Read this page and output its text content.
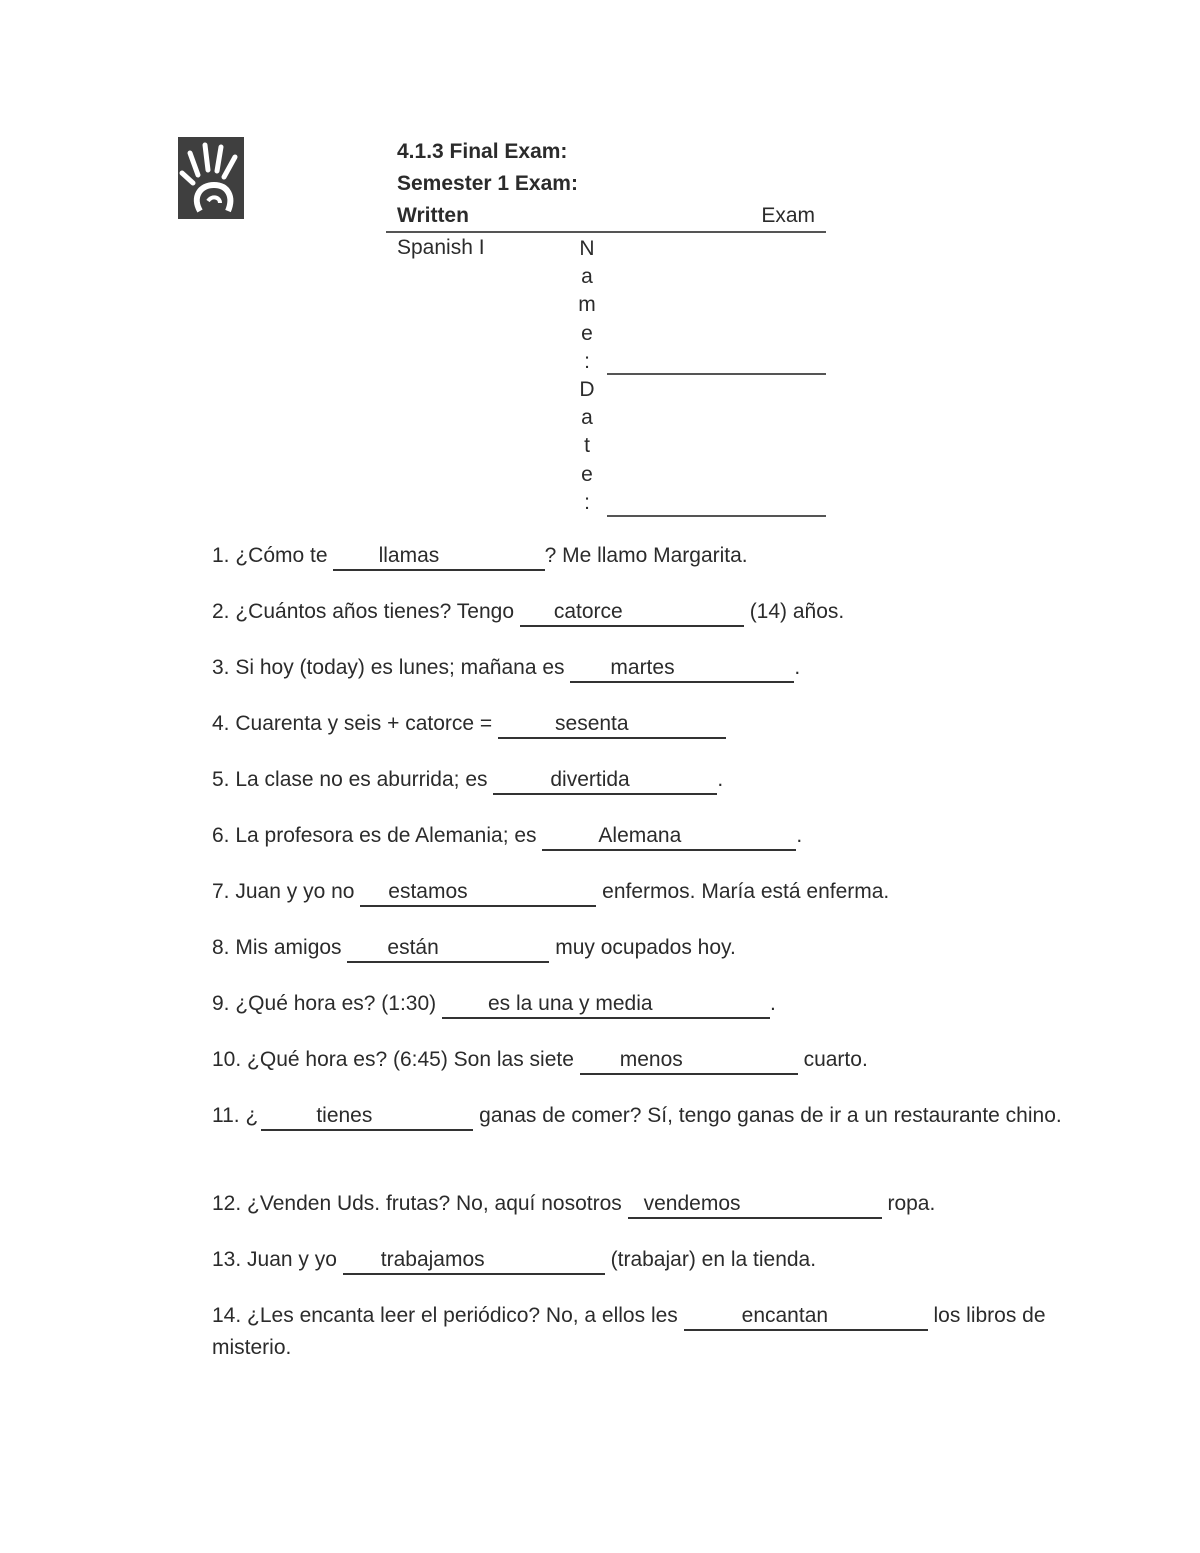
4.1.3 Final Exam:
Semester 1 Exam:
Written	Exam
Spanish I	N
a
m
e
:
D
a
t
e
:
1. ¿Cómo te llamas	? Me llamo Margarita.
2. ¿Cuántos años tienes? Tengo catorce	(14) años.
3. Si hoy (today) es lunes; mañana es martes	.
4. Cuarenta y seis + catorce =	sesenta
5. La clase no es aburrida; es	divertida	.
6. La profesora es de Alemania; es	Alemana	.
7. Juan y yo no estamos	enfermos. María está enferma.
8. Mis amigos están	muy ocupados hoy.
9. ¿Qué hora es? (1:30) es la una y media	.
10. ¿Qué hora es? (6:45) Son las siete menos	cuarto.
11. ¿	tienes	ganas de comer? Sí, tengo ganas de ir a un restaurante chino.
12. ¿Venden Uds. frutas? No, aquí nosotros vendemos	ropa.
13. Juan y yo trabajamos	(trabajar) en la tienda.
14. ¿Les encanta leer el periódico? No, a ellos les	encantan	los libros de misterio.
